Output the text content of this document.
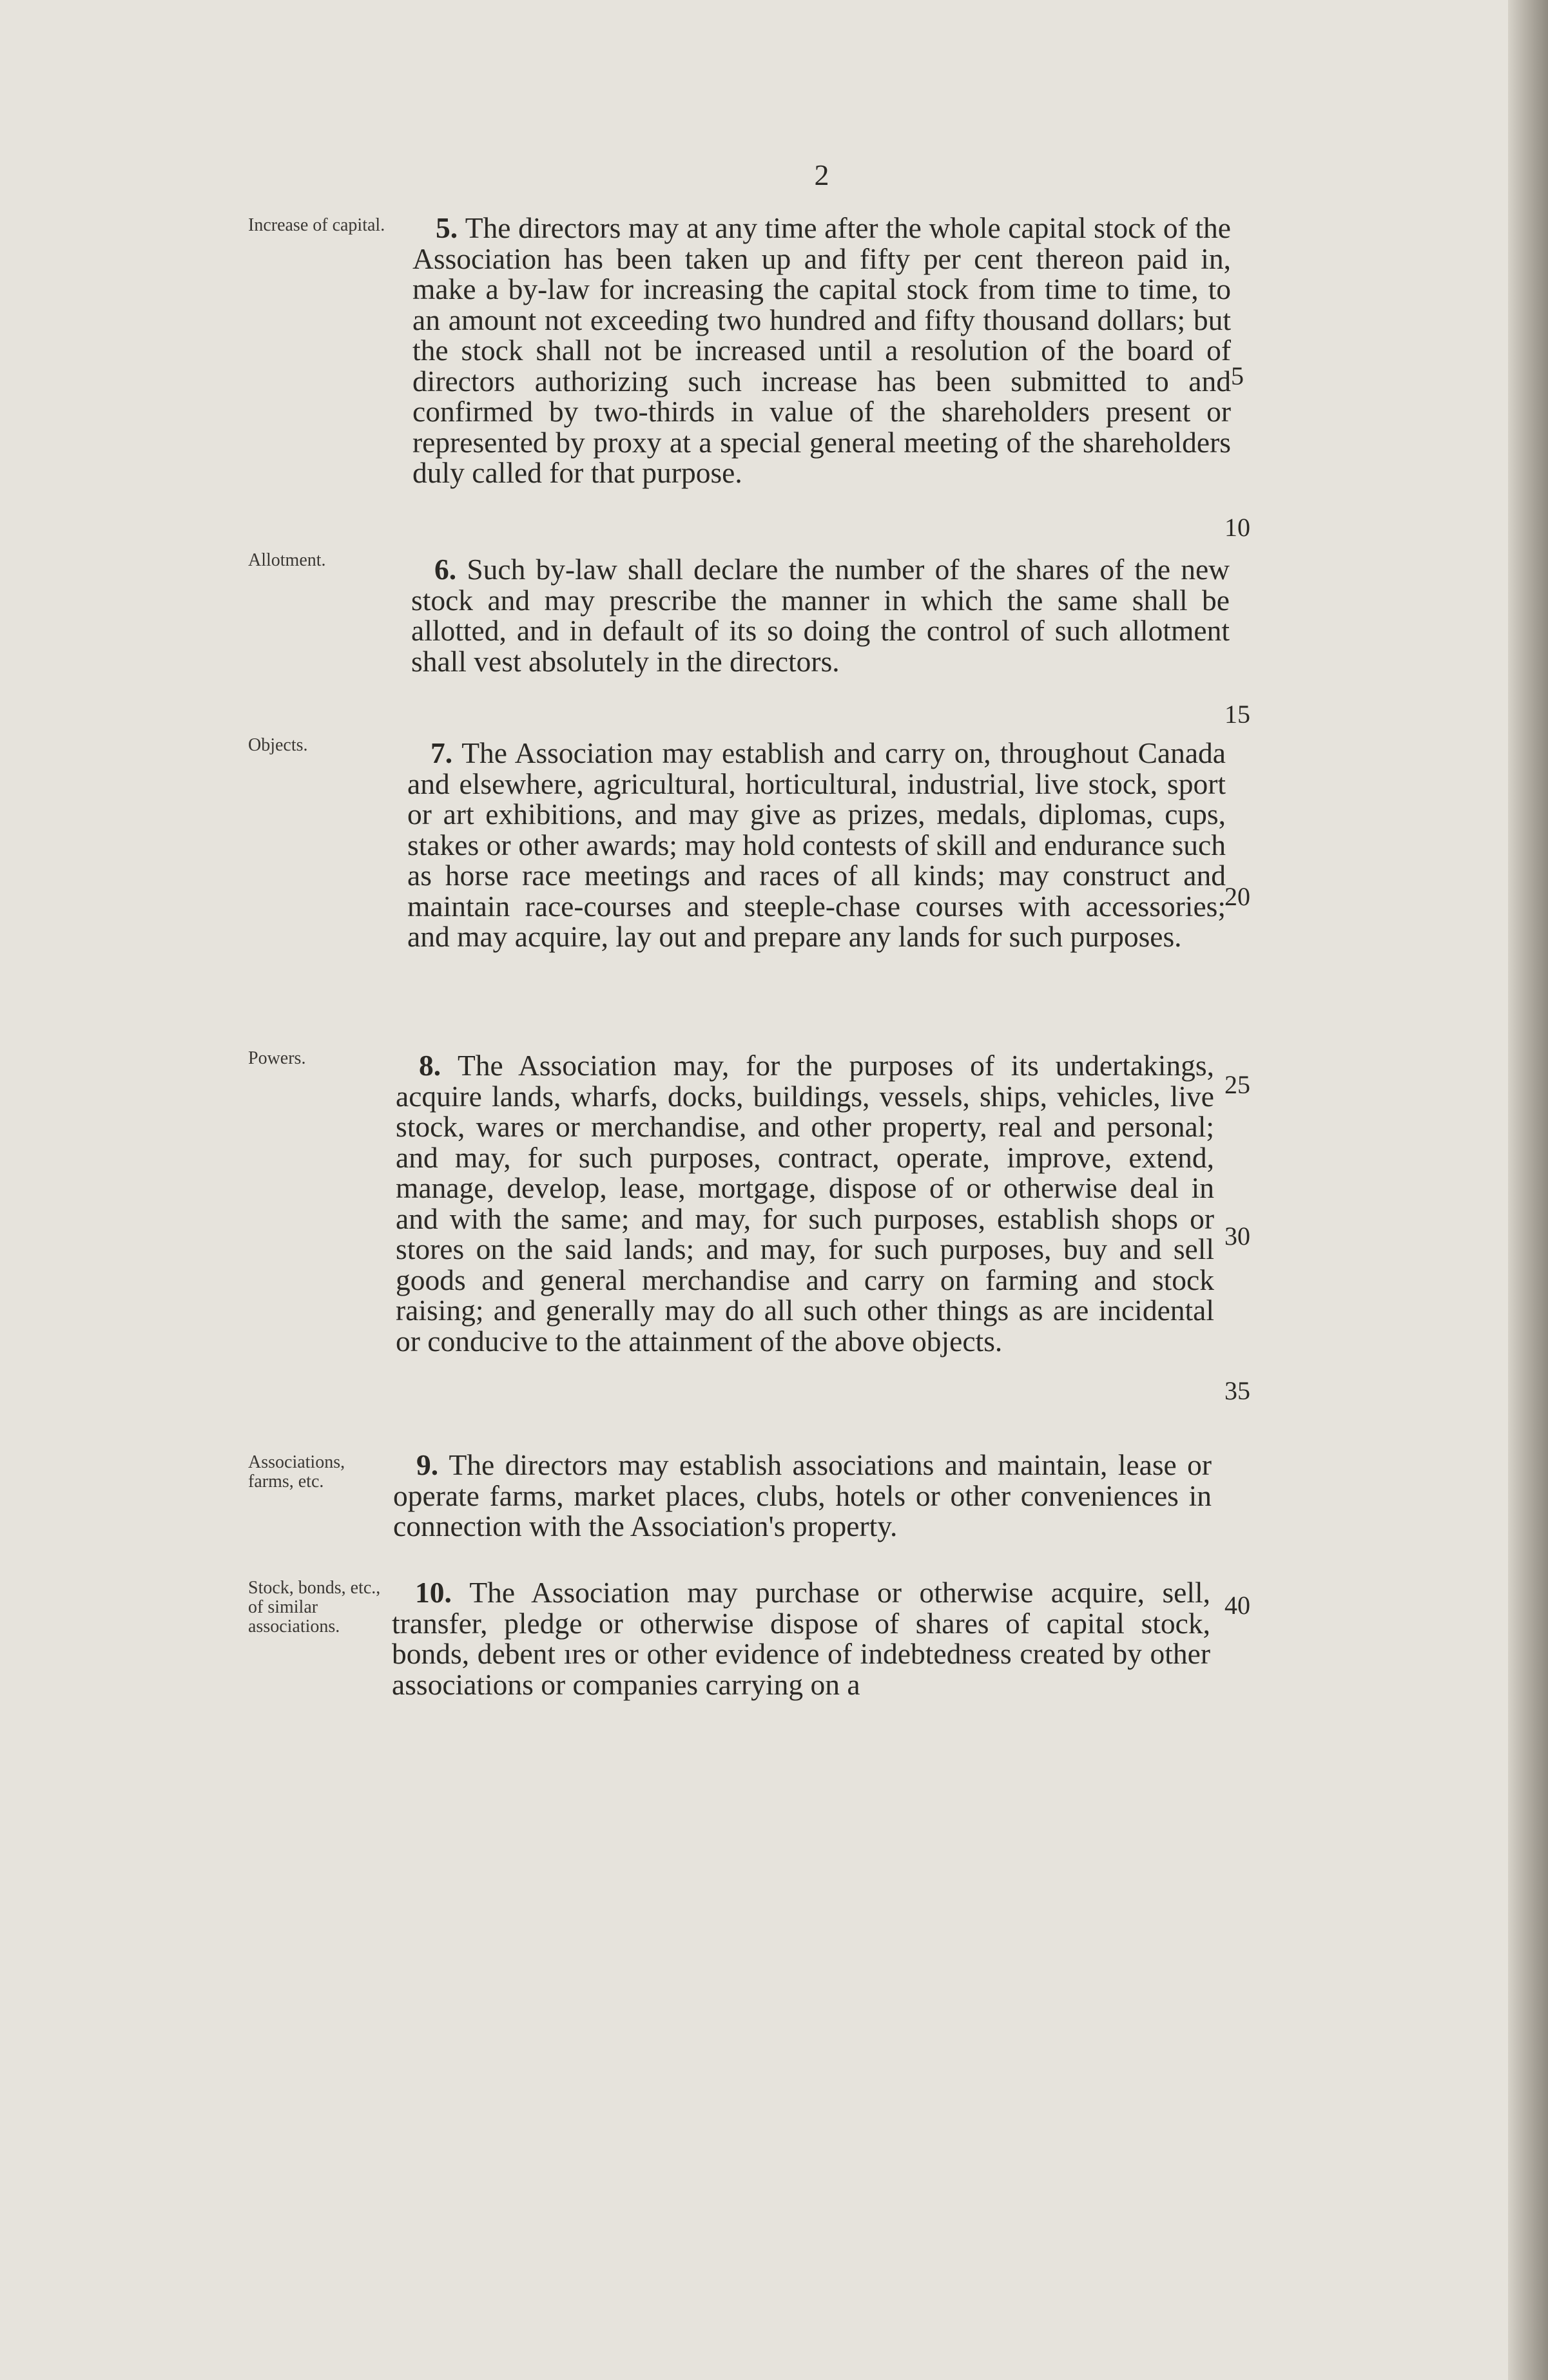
2
Increase of capital.	5 . The directors may at any time after the whole capital stock of the Association has been taken up and fifty per cent thereon paid in, make a by-law for increasing the capital stock from time to time, to an amount not exceeding two hundred and fifty thousand dollars; but the stock shall not be increased until a resolution of the board of directors authorizing such increase has been submitted to and confirmed by two-thirds in value of the shareholders present or represented by proxy at a special general meeting of the shareholders duly called for that purpose.
Allotment.	6 . Such by-law shall declare the number of the shares of the new stock and may prescribe the manner in which the same shall be allotted, and in default of its so doing the control of such allotment shall vest absolutely in the directors.
Objects.	7 . The Association may establish and carry on, throughout Canada and elsewhere, agricultural, horticultural, industrial, live stock, sport or art exhibitions, and may give as prizes, medals, diplomas, cups, stakes or other awards; may hold contests of skill and endurance such as horse race meetings and races of all kinds; may construct and maintain race-courses and steeple-chase courses with accessories; and may acquire, lay out and prepare any lands for such purposes.
Powers.	8 . The Association may, for the purposes of its undertakings, acquire lands, wharfs, docks, buildings, vessels, ships, vehicles, live stock, wares or merchandise, and other property, real and personal; and may, for such purposes, contract, operate, improve, extend, manage, develop, lease, mortgage, dispose of or otherwise deal in and with the same; and may, for such purposes, establish shops or stores on the said lands; and may, for such purposes, buy and sell goods and general merchandise and carry on farming and stock raising; and generally may do all such other things as are incidental or conducive to the attainment of the above objects.
Associations, farms, etc.
9 . The directors may establish associations and maintain, lease or operate farms, market places, clubs, hotels or other conveniences in connection with the Association's property.
Stock, bonds, etc., of similar associations.
10 . The Association may purchase or otherwise acquire, sell, transfer, pledge or otherwise dispose of shares of capital stock, bonds, debent ıres or other evidence of indebtedness created by other associations or companies carrying on a
5
10
15
20
25
30
35
40
